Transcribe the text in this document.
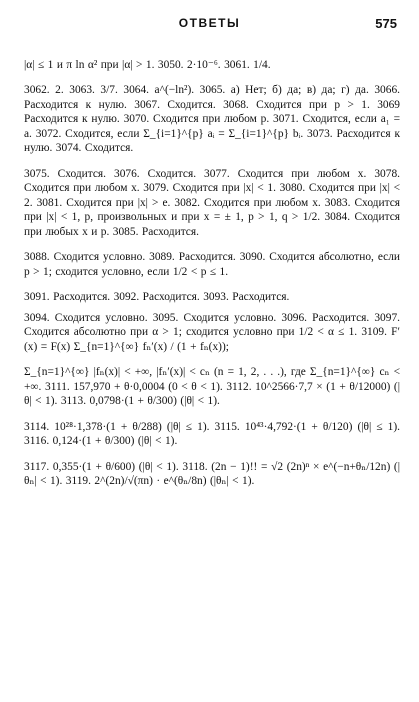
ОТВЕТЫ	575

|α| ≤ 1 и π ln α² при |α| > 1. 3050. 2·10⁻⁶. 3061. 1/4.

3062. 2. 3063. 3/7. 3064. a^(−ln²). 3065. а) Нет; б) да; в) да; г) да. 3066. Расходится к нулю. 3067. Сходится. 3068. Сходится при p > 1. 3069 Расходится к нулю. 3070. Сходится при любом p. 3071. Сходится, если a₁ = a. 3072. Сходится, если Σ_{i=1}^{p} aᵢ = Σ_{i=1}^{p} bᵢ. 3073. Расходится к нулю. 3074. Сходится.

3075. Сходится. 3076. Сходится. 3077. Сходится при любом x. 3078. Сходится при любом x. 3079. Сходится при |x| < 1. 3080. Сходится при |x| < 2. 3081. Сходится при |x| > e. 3082. Сходится при любом x. 3083. Сходится при |x| < 1, p, произвольных и при x = ± 1, p > 1, q > 1/2. 3084. Сходится при любых x и p. 3085. Расходится.

3088. Сходится условно. 3089. Расходится. 3090. Сходится абсолютно, если p > 1; сходится условно, если 1/2 < p ≤ 1.

3091. Расходится. 3092. Расходится. 3093. Расходится.

3094. Сходится условно. 3095. Сходится условно. 3096. Расходится. 3097. Сходится абсолютно при α > 1; сходится условно при 1/2 < α ≤ 1. 3109. F′(x) = F(x) Σ_{n=1}^{∞} fₙ′(x) / (1 + fₙ(x));

Σ_{n=1}^{∞} |fₙ(x)| < +∞, |fₙ′(x)| < cₙ (n = 1, 2, . . .), где Σ_{n=1}^{∞} cₙ < +∞. 3111. 157,970 + θ·0,0004 (0 < θ < 1). 3112. 10^2566·7,7 × (1 + θ/12000) (|θ| < 1). 3113. 0,0798·(1 + θ/300) (|θ| < 1).

3114. 10²⁸·1,378·(1 + θ/288) (|θ| ≤ 1). 3115. 10⁴³·4,792·(1 + θ/120) (|θ| ≤ 1). 3116. 0,124·(1 + θ/300) (|θ| < 1).

3117. 0,355·(1 + θ/600) (|θ| < 1). 3118. (2n − 1)!! = √2 (2n)ⁿ × e^(−n+θₙ/12n) (|θₙ| < 1). 3119. 2^(2n)/√(πn) · e^(θₙ/8n) (|θₙ| < 1).
